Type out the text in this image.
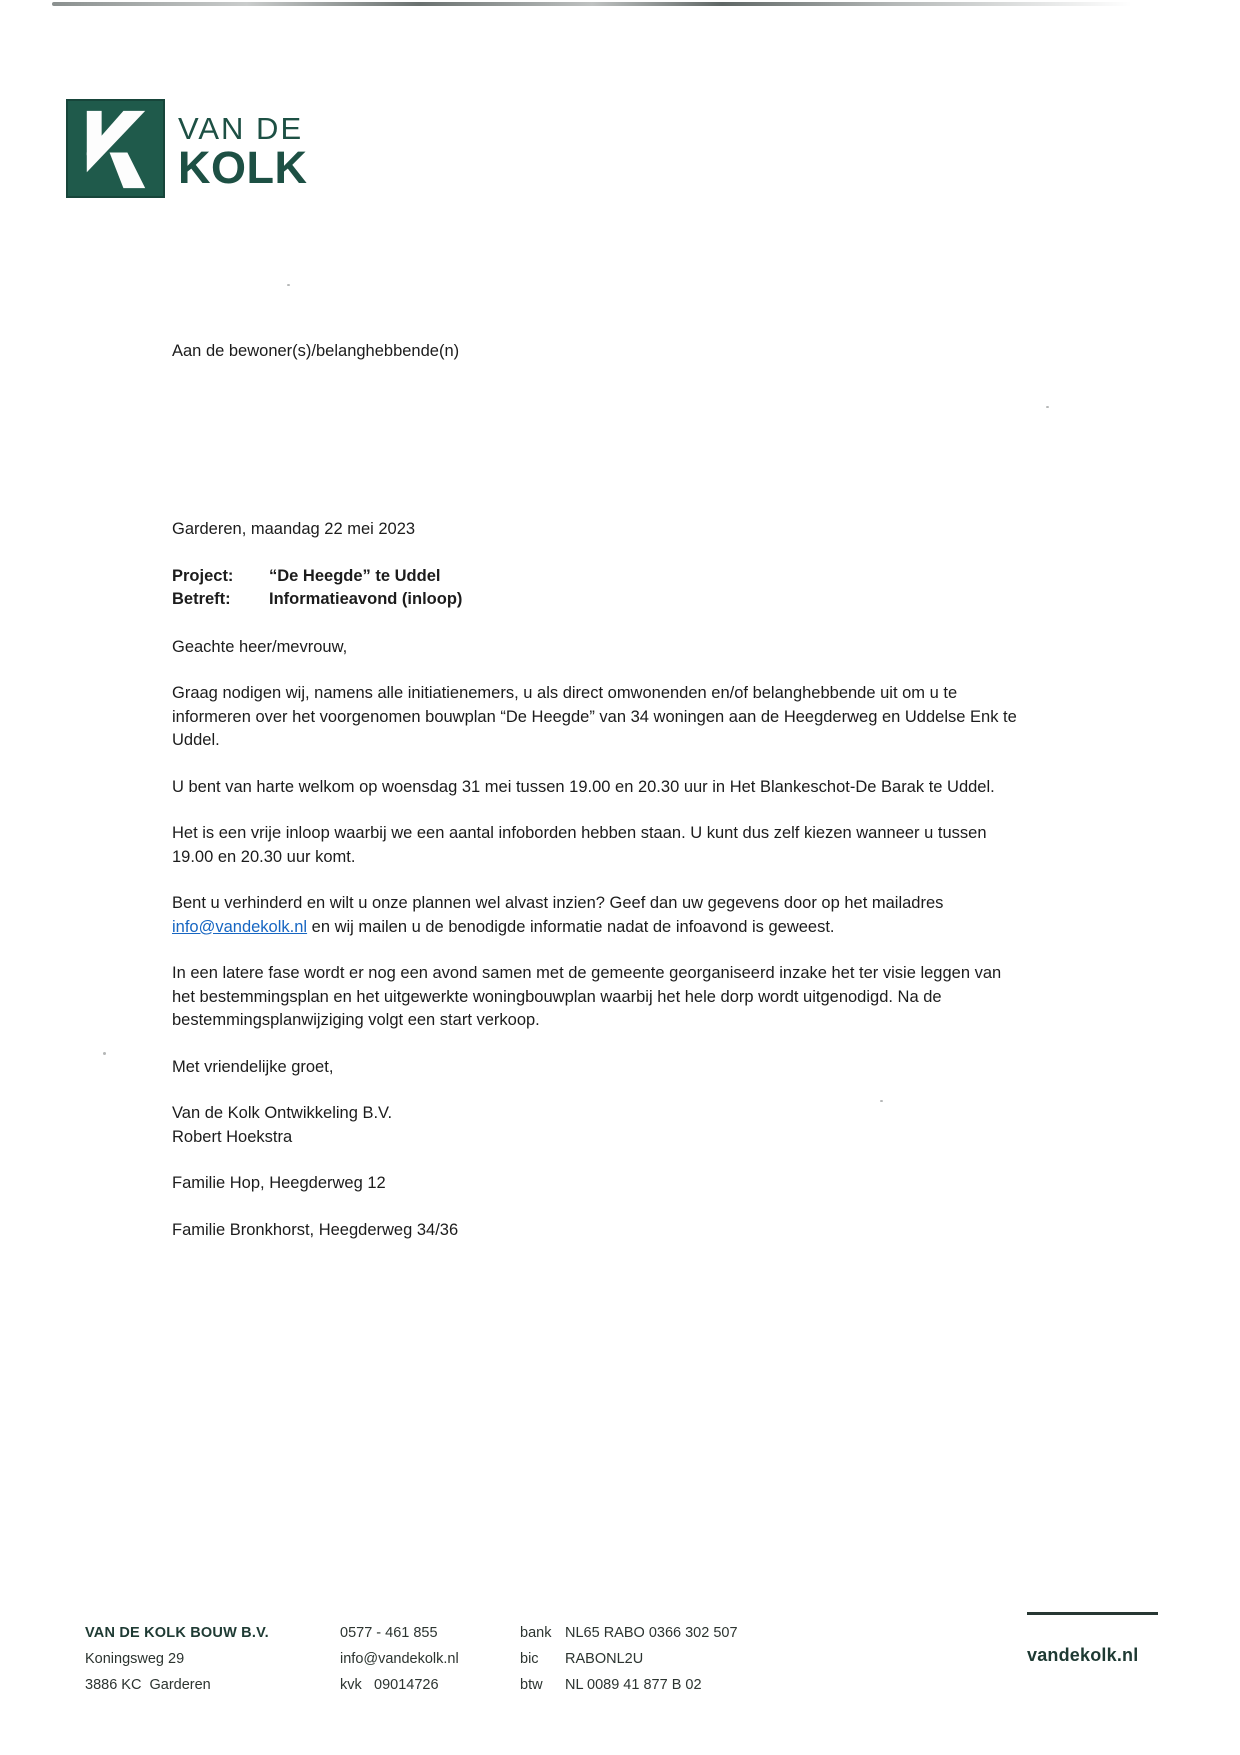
VAN DE
KOLK
Aan de bewoner(s)/belanghebbende(n)

Garderen, maandag 22 mei 2023

Project: “De Heegde” te Uddel
Betreft: Informatieavond (inloop)

Geachte heer/mevrouw,

Graag nodigen wij, namens alle initiatienemers, u als direct omwonenden en/of belanghebbende uit om u te informeren over het voorgenomen bouwplan “De Heegde” van 34 woningen aan de Heegderweg en Uddelse Enk te Uddel.

U bent van harte welkom op woensdag 31 mei tussen 19.00 en 20.30 uur in Het Blankeschot-De Barak te Uddel.

Het is een vrije inloop waarbij we een aantal infoborden hebben staan. U kunt dus zelf kiezen wanneer u tussen 19.00 en 20.30 uur komt.

Bent u verhinderd en wilt u onze plannen wel alvast inzien? Geef dan uw gegevens door op het mailadres info@vandekolk.nl en wij mailen u de benodigde informatie nadat de infoavond is geweest.

In een latere fase wordt er nog een avond samen met de gemeente georganiseerd inzake het ter visie leggen van het bestemmingsplan en het uitgewerkte woningbouwplan waarbij het hele dorp wordt uitgenodigd. Na de bestemmingsplanwijziging volgt een start verkoop.

Met vriendelijke groet,

Van de Kolk Ontwikkeling B.V.
Robert Hoekstra

Familie Hop, Heegderweg 12

Familie Bronkhorst, Heegderweg 34/36

VAN DE KOLK BOUW B.V.
Koningsweg 29
3886 KC  Garderen
0577 - 461 855
info@vandekolk.nl
kvk 09014726
bank NL65 RABO 0366 302 507
bic RABONL2U
btw NL 0089 41 877 B 02
vandekolk.nl
